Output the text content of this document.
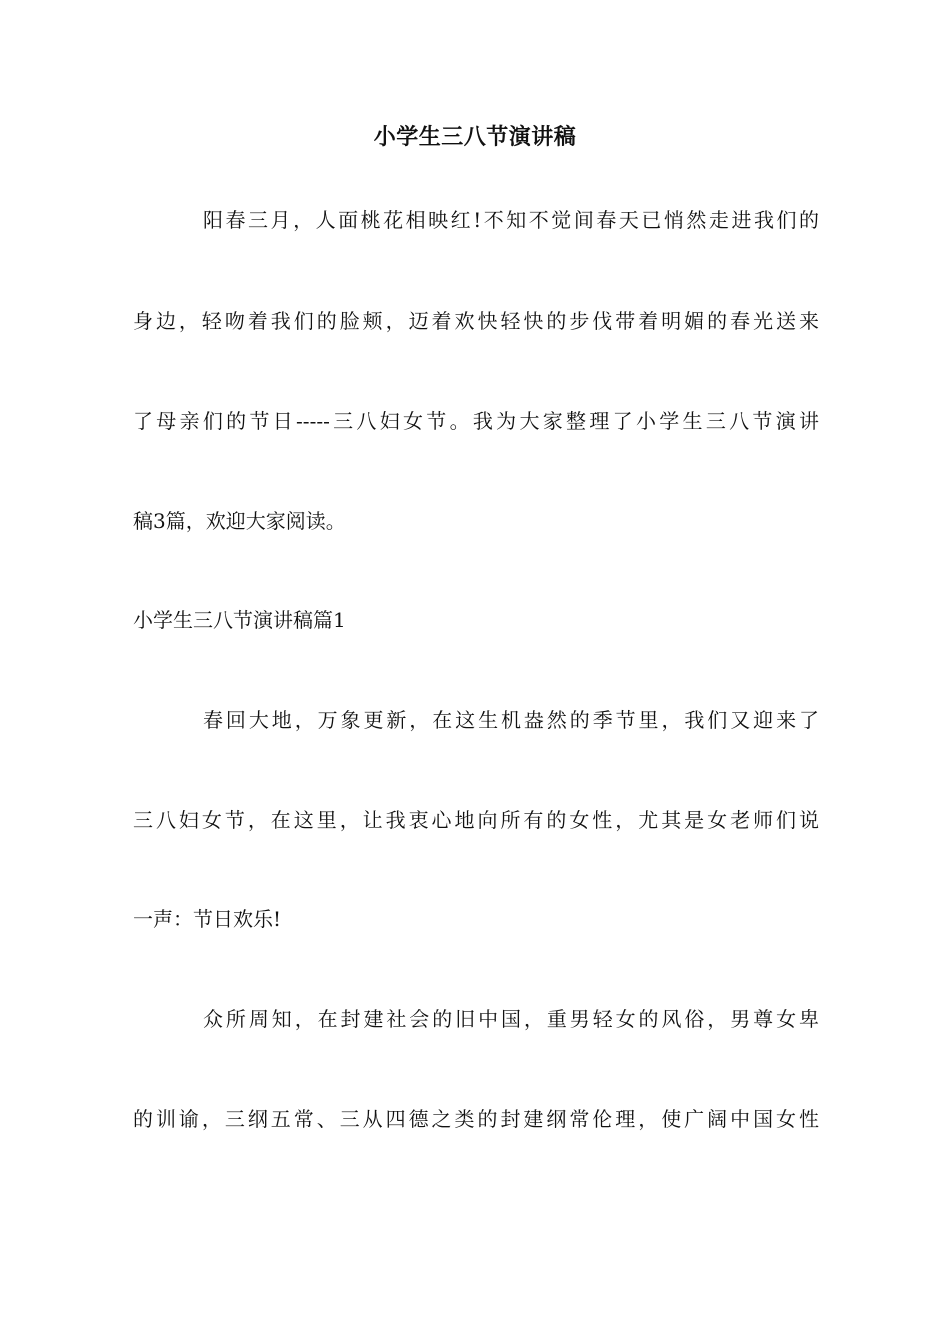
小学生三八节演讲稿
阳春三月，人面桃花相映红!不知不觉间春天已悄然走进我们的
身边，轻吻着我们的脸颊，迈着欢快轻快的步伐带着明媚的春光送来
了母亲们的节日-----三八妇女节。我为大家整理了小学生三八节演讲
稿3篇，欢迎大家阅读。
小学生三八节演讲稿篇1
春回大地，万象更新，在这生机盎然的季节里，我们又迎来了
三八妇女节，在这里，让我衷心地向所有的女性，尤其是女老师们说
一声：节日欢乐!
众所周知，在封建社会的旧中国，重男轻女的风俗，男尊女卑
的训谕，三纲五常、三从四德之类的封建纲常伦理，使广阔中国女性
